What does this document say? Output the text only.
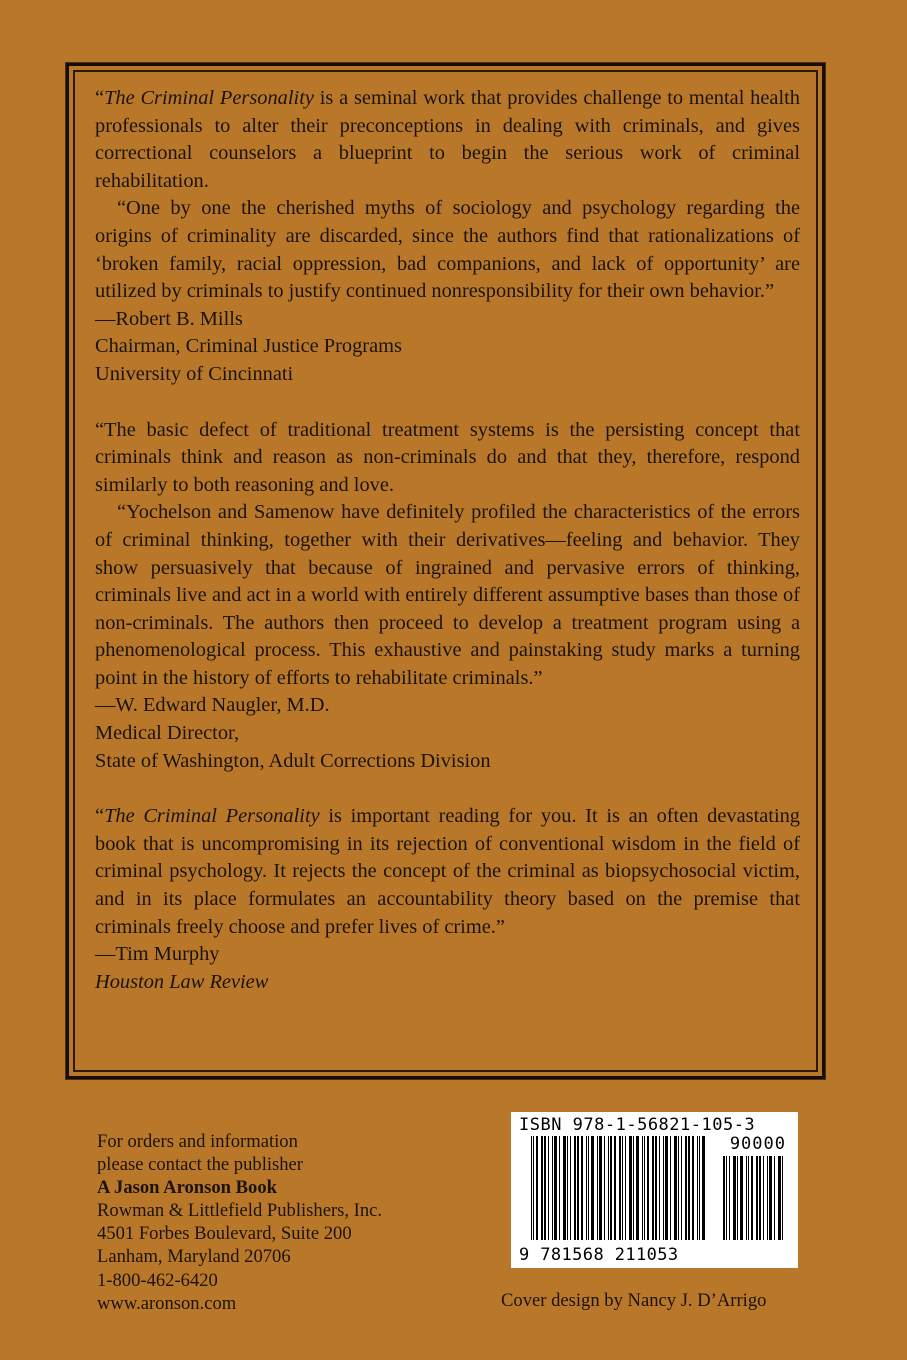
“The Criminal Personality is a seminal work that provides challenge to mental health professionals to alter their preconceptions in dealing with criminals, and gives correctional counselors a blueprint to begin the serious work of criminal rehabilitation.

“One by one the cherished myths of sociology and psychology regarding the origins of criminality are discarded, since the authors find that rationalizations of ‘broken family, racial oppression, bad companions, and lack of opportunity’ are utilized by criminals to justify continued nonresponsibility for their own behavior.”

—Robert B. Mills

Chairman, Criminal Justice Programs

University of Cincinnati

“The basic defect of traditional treatment systems is the persisting concept that criminals think and reason as non-criminals do and that they, therefore, respond similarly to both reasoning and love.

“Yochelson and Samenow have definitely profiled the characteristics of the errors of criminal thinking, together with their derivatives—feeling and behavior. They show persuasively that because of ingrained and pervasive errors of thinking, criminals live and act in a world with entirely different assumptive bases than those of non-criminals. The authors then proceed to develop a treatment program using a phenomenological process. This exhaustive and painstaking study marks a turning point in the history of efforts to rehabilitate criminals.”

—W. Edward Naugler, M.D.

Medical Director,

State of Washington, Adult Corrections Division

“The Criminal Personality is important reading for you. It is an often devastating book that is uncompromising in its rejection of conventional wisdom in the field of criminal psychology. It rejects the concept of the criminal as biopsychosocial victim, and in its place formulates an accountability theory based on the premise that criminals freely choose and prefer lives of crime.”

—Tim Murphy

Houston Law Review

For orders and information
please contact the publisher
A Jason Aronson Book
Rowman & Littlefield Publishers, Inc.
4501 Forbes Boulevard, Suite 200
Lanham, Maryland 20706
1-800-462-6420
www.aronson.com
ISBN 978-1-56821-105-3
90000
9 781568 211053
Cover design by Nancy J. D’Arrigo
